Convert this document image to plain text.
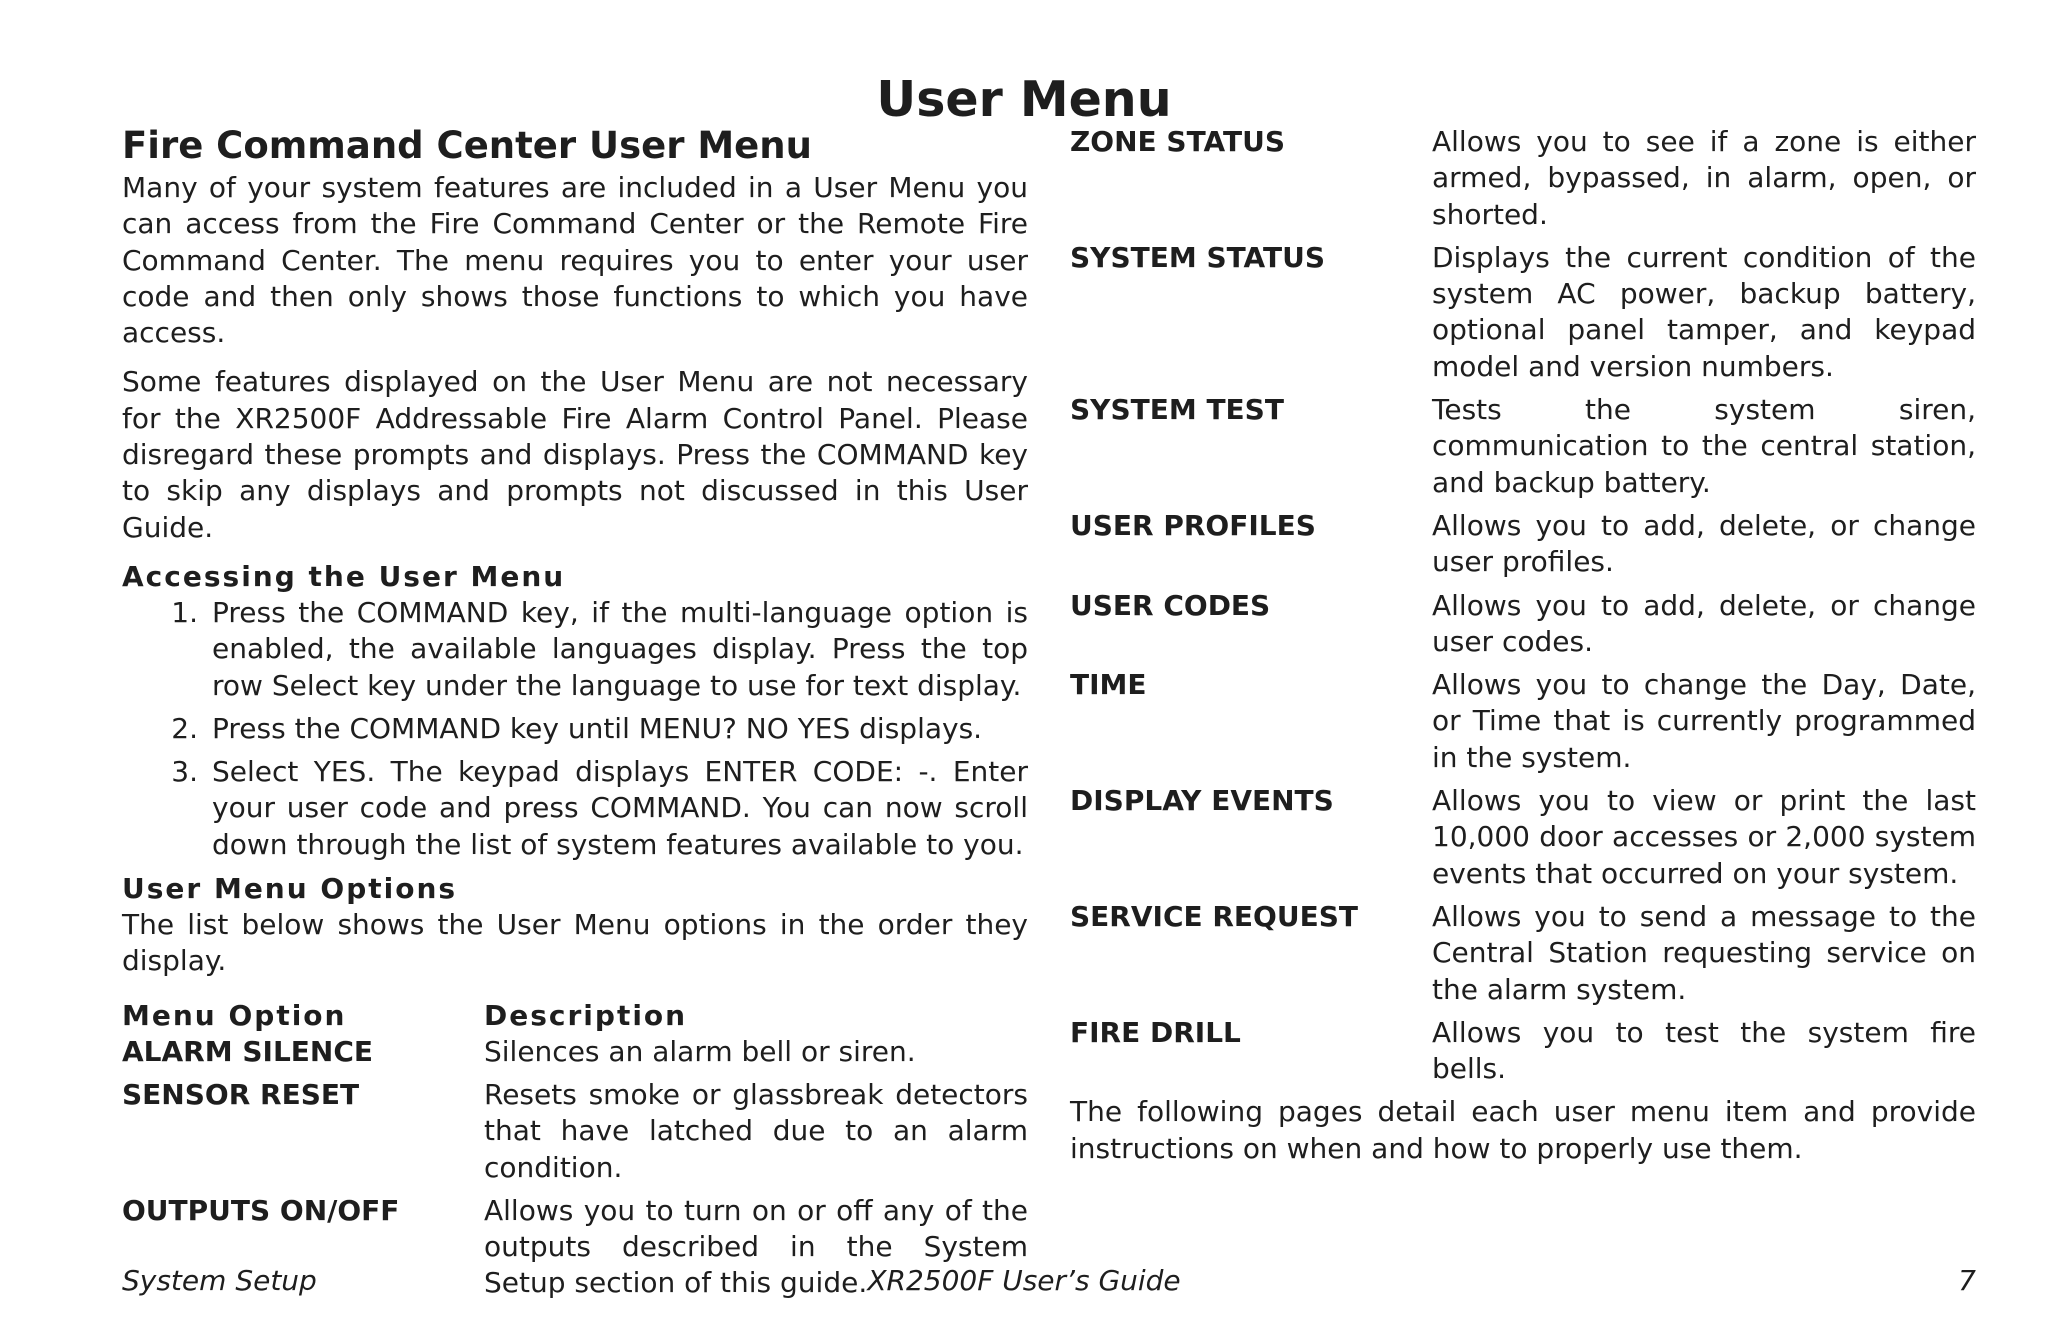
User Menu
Fire Command Center User Menu

Many of your system features are included in a User Menu you can access from the Fire Command Center or the Remote Fire Command Center. The menu requires you to enter your user code and then only shows those functions to which you have access.

Some features displayed on the User Menu are not necessary for the XR2500F Addressable Fire Alarm Control Panel. Please disregard these prompts and displays. Press the COMMAND key to skip any displays and prompts not discussed in this User Guide.

Accessing the User Menu
1. Press the COMMAND key, if the multi-language option is enabled, the available languages display. Press the top row Select key under the language to use for text display.
2. Press the COMMAND key until MENU? NO YES displays.
3. Select YES. The keypad displays ENTER CODE: -. Enter your user code and press COMMAND. You can now scroll down through the list of system features available to you.
User Menu Options

The list below shows the User Menu options in the order they display.

Menu Option	Description
ALARM SILENCE	Silences an alarm bell or siren.
SENSOR RESET	Resets smoke or glassbreak detectors that have latched due to an alarm condition.
OUTPUTS ON/OFF	Allows you to turn on or off any of the outputs described in the System Setup section of this guide.
ZONE STATUS	Allows you to see if a zone is either armed, bypassed, in alarm, open, or shorted.
SYSTEM STATUS	Displays the current condition of the system AC power, backup battery, optional panel tamper, and keypad model and version numbers.
SYSTEM TEST	Tests the system siren, communication to the central station, and backup battery.
USER PROFILES	Allows you to add, delete, or change user profiles.
USER CODES	Allows you to add, delete, or change user codes.
TIME	Allows you to change the Day, Date, or Time that is currently programmed in the system.
DISPLAY EVENTS	Allows you to view or print the last 10,000 door accesses or 2,000 system events that occurred on your system.
SERVICE REQUEST	Allows you to send a message to the Central Station requesting service on the alarm system.
FIRE DRILL	Allows you to test the system fire bells.

The following pages detail each user menu item and provide instructions on when and how to properly use them.

System Setup	XR2500F User’s Guide	7
